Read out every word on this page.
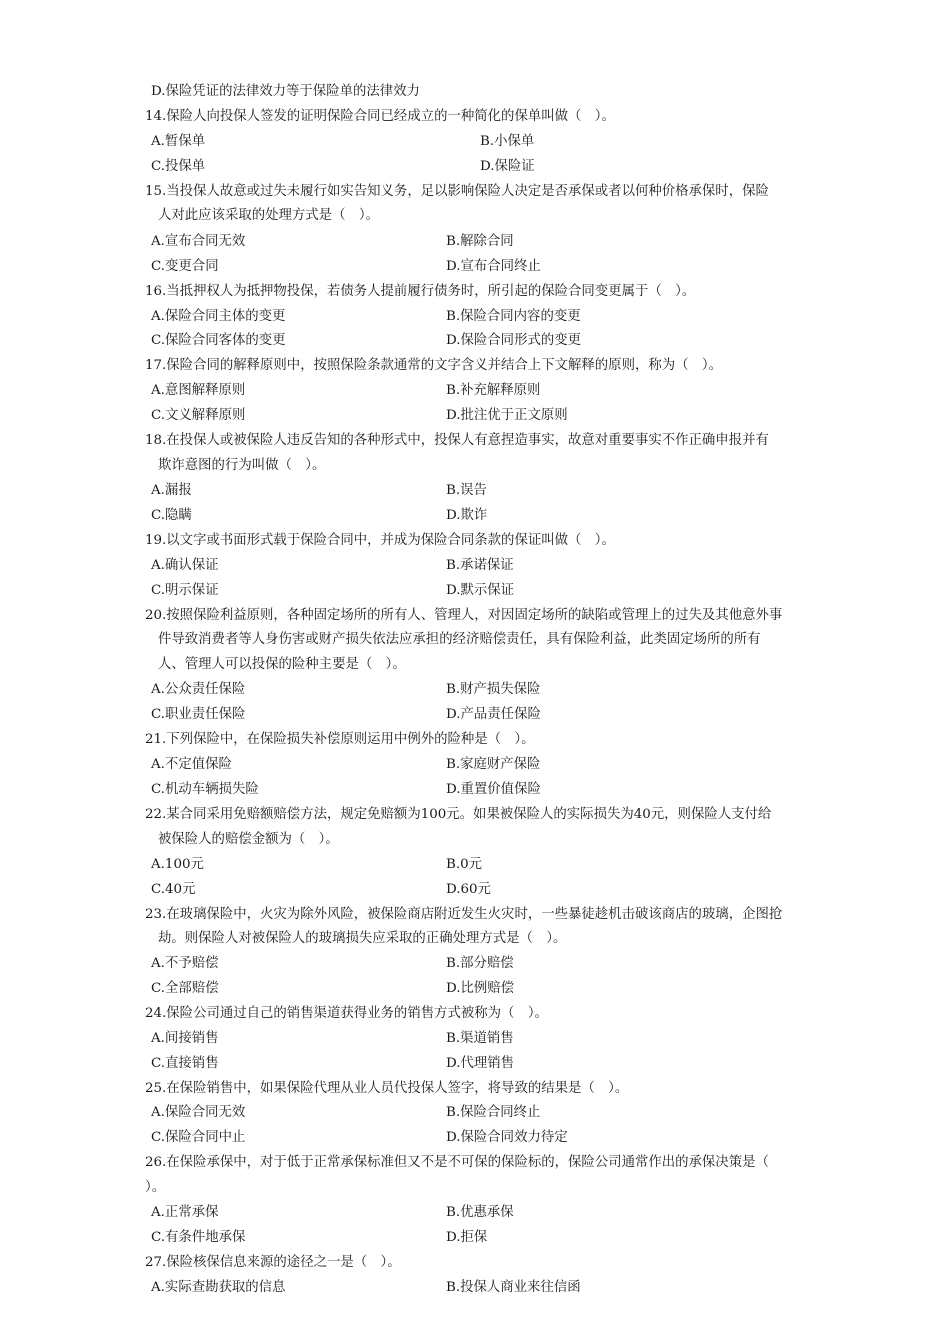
D.保险凭证的法律效力等于保险单的法律效力
14.保险人向投保人签发的证明保险合同已经成立的一种简化的保单叫做（　）。
A.暂保单	B.小保单
C.投保单	D.保险证
15.当投保人故意或过失未履行如实告知义务，足以影响保险人决定是否承保或者以何种价格承保时，保险
人对此应该采取的处理方式是（　）。
A.宣布合同无效	B.解除合同
C.变更合同	D.宣布合同终止
16.当抵押权人为抵押物投保，若债务人提前履行债务时，所引起的保险合同变更属于（　）。
A.保险合同主体的变更	B.保险合同内容的变更
C.保险合同客体的变更	D.保险合同形式的变更
17.保险合同的解释原则中，按照保险条款通常的文字含义并结合上下文解释的原则，称为（　）。
A.意图解释原则	B.补充解释原则
C.文义解释原则	D.批注优于正文原则
18.在投保人或被保险人违反告知的各种形式中，投保人有意捏造事实，故意对重要事实不作正确申报并有
欺诈意图的行为叫做（　）。
A.漏报	B.误告
C.隐瞒	D.欺诈
19.以文字或书面形式载于保险合同中，并成为保险合同条款的保证叫做（　）。
A.确认保证	B.承诺保证
C.明示保证	D.默示保证
20.按照保险利益原则，各种固定场所的所有人、管理人，对因固定场所的缺陷或管理上的过失及其他意外事
件导致消费者等人身伤害或财产损失依法应承担的经济赔偿责任，具有保险利益，此类固定场所的所有
人、管理人可以投保的险种主要是（　）。
A.公众责任保险	B.财产损失保险
C.职业责任保险	D.产品责任保险
21.下列保险中，在保险损失补偿原则运用中例外的险种是（　）。
A.不定值保险	B.家庭财产保险
C.机动车辆损失险	D.重置价值保险
22.某合同采用免赔额赔偿方法，规定免赔额为100元。如果被保险人的实际损失为40元，则保险人支付给
被保险人的赔偿金额为（　）。
A.100元	B.0元
C.40元	D.60元
23.在玻璃保险中，火灾为除外风险，被保险商店附近发生火灾时，一些暴徒趁机击破该商店的玻璃，企图抢
劫。则保险人对被保险人的玻璃损失应采取的正确处理方式是（　）。
A.不予赔偿	B.部分赔偿
C.全部赔偿	D.比例赔偿
24.保险公司通过自己的销售渠道获得业务的销售方式被称为（　）。
A.间接销售	B.渠道销售
C.直接销售	D.代理销售
25.在保险销售中，如果保险代理从业人员代投保人签字，将导致的结果是（　）。
A.保险合同无效	B.保险合同终止
C.保险合同中止	D.保险合同效力待定
26.在保险承保中，对于低于正常承保标准但又不是不可保的保险标的，保险公司通常作出的承保决策是（
）。
A.正常承保	B.优惠承保
C.有条件地承保	D.拒保
27.保险核保信息来源的途径之一是（　）。
A.实际查勘获取的信息	B.投保人商业来往信函
